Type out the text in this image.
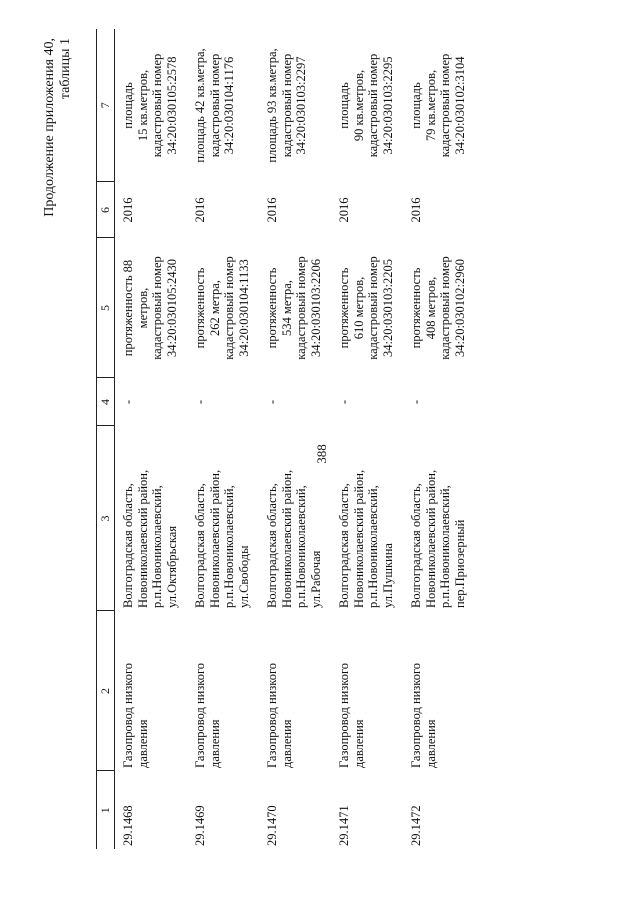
388
Продолжение приложения 40, таблицы 1
1	2	3	4	5	6	7
29.1468	Газопровод низкого давления	Волгоградская область, Новониколаевский район, р.п.Новониколаевский, ул.Октябрьская	-	протяженность 88 метров, кадастровый номер 34:20:030105:2430	2016	площадь 15 кв.метров, кадастровый номер 34:20:030105:2578

29.1469	Газопровод низкого давления	Волгоградская область, Новониколаевский район, р.п.Новониколаевский, ул.Свободы	-	протяженность 262 метра, кадастровый номер 34:20:030104:1133	2016	площадь 42 кв.метра, кадастровый номер 34:20:030104:1176

29.1470	Газопровод низкого давления	Волгоградская область, Новониколаевский район, р.п.Новониколаевский, ул.Рабочая	-	протяженность 534 метра, кадастровый номер 34:20:030103:2206	2016	площадь 93 кв.метра, кадастровый номер 34:20:030103:2297

29.1471	Газопровод низкого давления	Волгоградская область, Новониколаевский район, р.п.Новониколаевский, ул.Пушкина	-	протяженность 610 метров, кадастровый номер 34:20:030103:2205	2016	площадь 90 кв.метров, кадастровый номер 34:20:030103:2295

29.1472	Газопровод низкого давления	Волгоградская область, Новониколаевский район, р.п.Новониколаевский, пер.Приозерный	-	протяженность 408 метров, кадастровый номер 34:20:030102:2960	2016	площадь 79 кв.метров, кадастровый номер 34:20:030102:3104
